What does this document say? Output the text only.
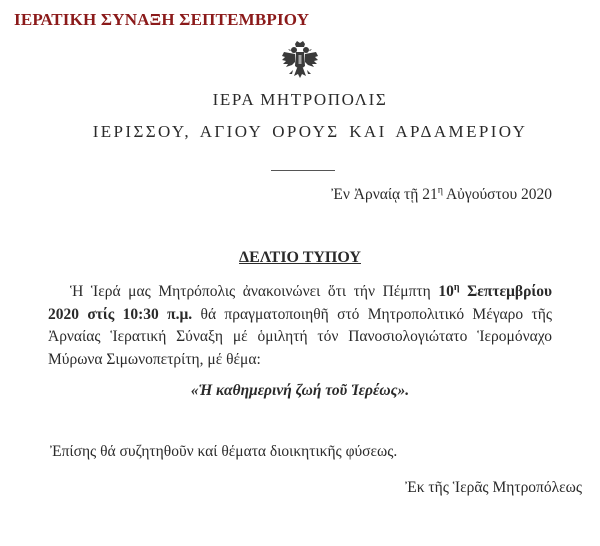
ΙΕΡΑΤΙΚΗ ΣΥΝΑΞΗ ΣΕΠΤΕΜΒΡΙΟΥ
ΙΕΡΑ ΜΗΤΡΟΠΟΛΙΣ
ΙΕΡΙΣΣΟΥ, ΑΓΙΟΥ ΟΡΟΥΣ ΚΑΙ ΑΡΔΑΜΕΡΙΟΥ
Ἐν Ἀρναίᾳ τῇ $21^\eta$ Αὐγούστου 2020
ΔΕΛΤΙΟ ΤΥΠΟΥ
Ἡ Ἱερά μας Μητρόπολις ἀνακοινώνει ὅτι τήν Πέμπτη $10^\eta$ Σεπτεμβρίου 2020 στίς 10:30 π.μ. θά πραγματοποιηθῆ στό Μητροπολιτικό Μέγαρο τῆς Ἀρναίας Ἱερατική Σύναξη μέ ὁμιλητή τόν Πανοσιολογιώτατο Ἱερομόναχο Μύρωνα Σιμωνοπετρίτη, μέ θέμα:
«Ἡ καθημερινή ζωή τοῦ Ἱερέως».
Ἐπίσης θά συζητηθοῦν καί θέματα διοικητικῆς φύσεως.
Ἐκ τῆς Ἱερᾶς Μητροπόλεως
